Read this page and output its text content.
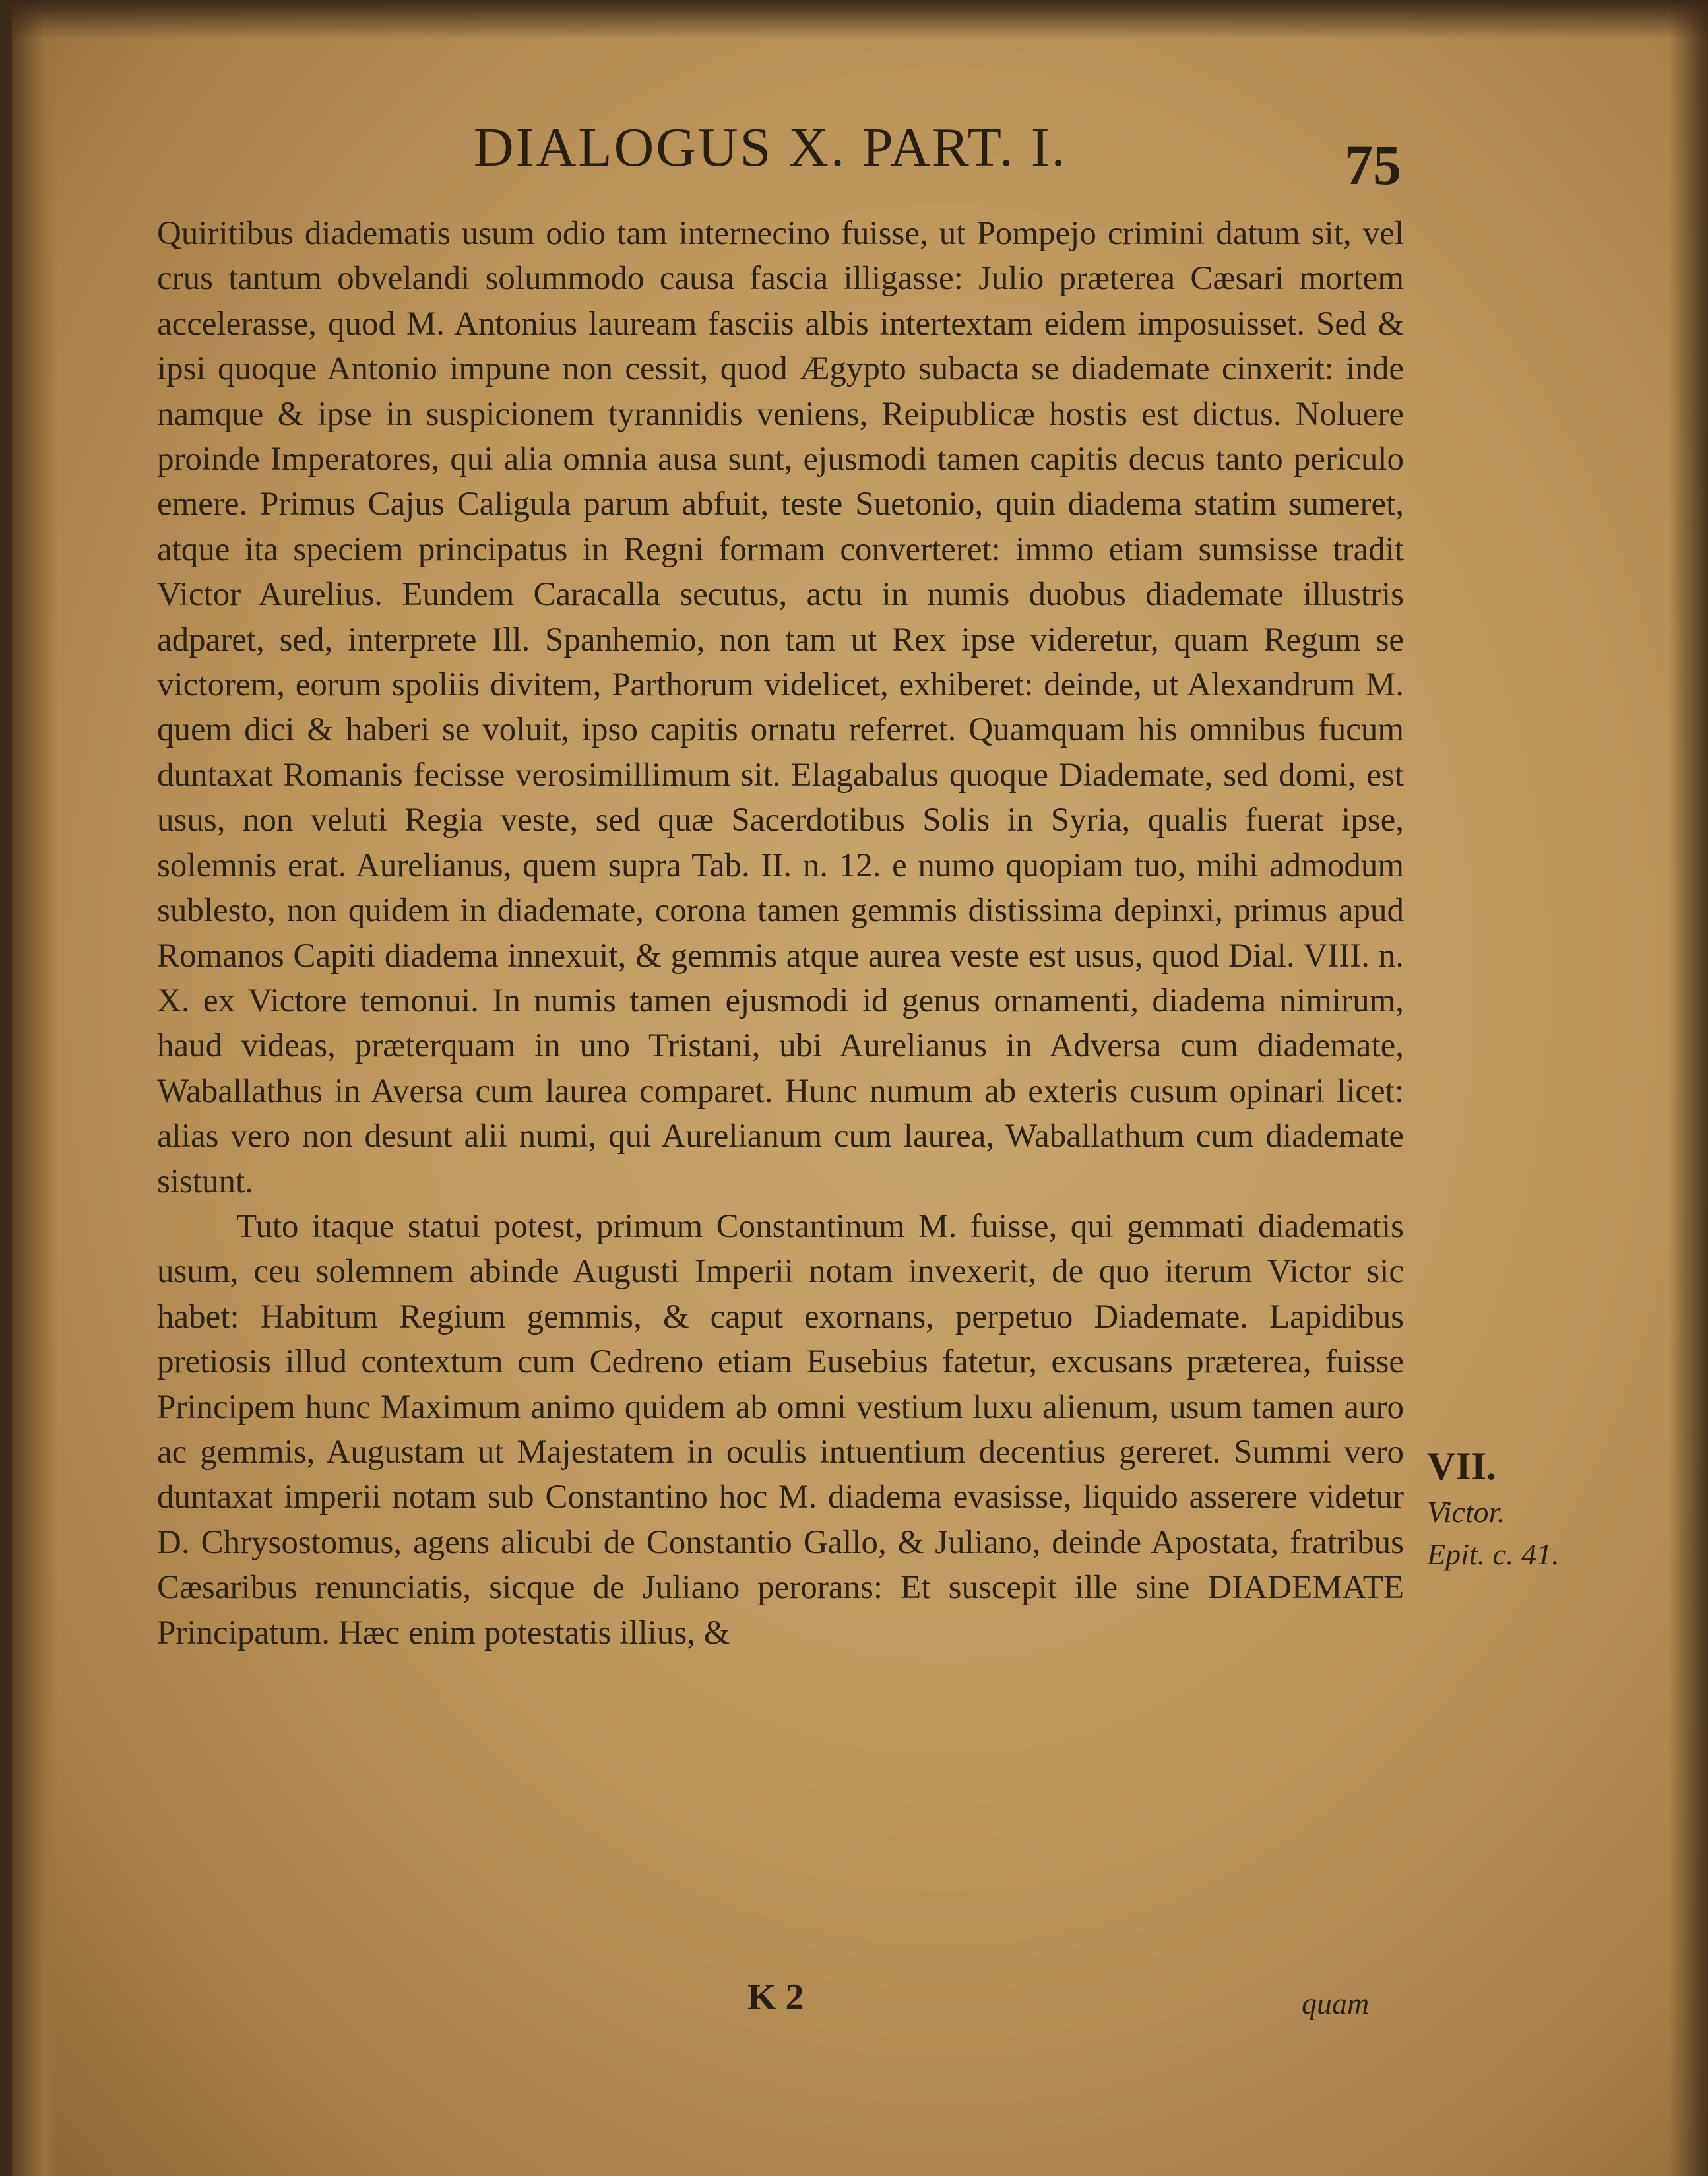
DIALOGUS X. PART. I.	75

Quiritibus diadematis usum odio tam internecino fuisse, ut Pompejo crimini datum sit, vel crus tantum obvelandi solummodo causa fascia illigasse: Julio præterea Cæsari mortem accelerasse, quod M. Antonius lauream fasciis albis intertextam eidem imposuisset. Sed & ipsi quoque Antonio impune non cessit, quod Ægypto subacta se diademate cinxerit: inde namque & ipse in suspicionem tyrannidis veniens, Reipublicæ hostis est dictus. Noluere proinde Imperatores, qui alia omnia ausa sunt, ejusmodi tamen capitis decus tanto periculo emere. Primus Cajus Caligula parum abfuit, teste Suetonio, quin diadema statim sumeret, atque ita speciem principatus in Regni formam converteret: immo etiam sumsisse tradit Victor Aurelius. Eundem Caracalla secutus, actu in numis duobus diademate illustris adparet, sed, interprete Ill. Spanhemio, non tam ut Rex ipse videretur, quam Regum se victorem, eorum spoliis divitem, Parthorum videlicet, exhiberet: deinde, ut Alexandrum M. quem dici & haberi se voluit, ipso capitis ornatu referret. Quamquam his omnibus fucum duntaxat Romanis fecisse verosimillimum sit. Elagabalus quoque Diademate, sed domi, est usus, non veluti Regia veste, sed quæ Sacerdotibus Solis in Syria, qualis fuerat ipse, solemnis erat. Aurelianus, quem supra Tab. II. n. 12. e numo quopiam tuo, mihi admodum sublesto, non quidem in diademate, corona tamen gemmis distissima depinxi, primus apud Romanos Capiti diadema innexuit, & gemmis atque aurea veste est usus, quod Dial. VIII. n. X. ex Victore temonui. In numis tamen ejusmodi id genus ornamenti, diadema nimirum, haud videas, præterquam in uno Tristani, ubi Aurelianus in Adversa cum diademate, Waballathus in Aversa cum laurea comparet. Hunc numum ab exteris cusum opinari licet: alias vero non desunt alii numi, qui Aurelianum cum laurea, Waballathum cum diademate sistunt.

Tuto itaque statui potest, primum Constantinum M. fuisse, qui gemmati diadematis usum, ceu solemnem abinde Augusti Imperii notam invexerit, de quo iterum Victor sic habet: Habitum Regium gemmis, & caput exornans, perpetuo Diademate. Lapidibus pretiosis illud contextum cum Cedreno etiam Eusebius fatetur, excusans præterea, fuisse Principem hunc Maximum animo quidem ab omni vestium luxu alienum, usum tamen auro ac gemmis, Augustam ut Majestatem in oculis intuentium decentius gereret. Summi vero duntaxat imperii notam sub Constantino hoc M. diadema evasisse, liquido asserere videtur D. Chrysostomus, agens alicubi de Constantio Gallo, & Juliano, deinde Apostata, fratribus Cæsaribus renunciatis, sicque de Juliano perorans: Et suscepit ille sine DIADEMATE Principatum. Hæc enim potestatis illius, &

VII.
Victor.
Epit. c. 41.
K 2	quam
